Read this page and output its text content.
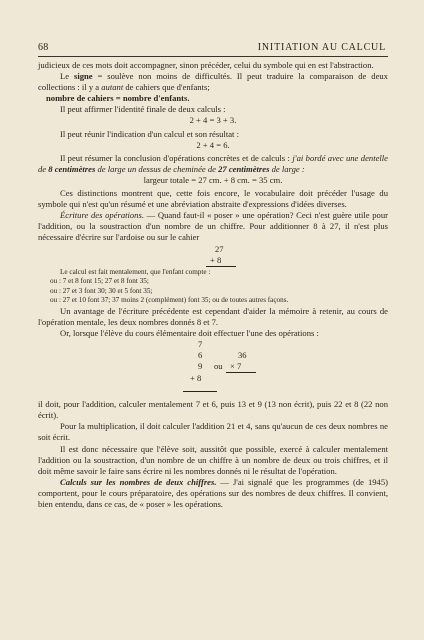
68	INITIATION AU CALCUL

judicieux de ces mots doit accompagner, sinon précéder, celui du symbole qui en est l'abstraction.

Le signe = soulève non moins de difficultés. Il peut traduire la comparaison de deux collections : il y a autant de cahiers que d'enfants;

nombre de cahiers = nombre d'enfants.

Il peut affirmer l'identité finale de deux calculs :

2 + 4 = 3 + 3.

Il peut réunir l'indication d'un calcul et son résultat :

2 + 4 = 6.

Il peut résumer la conclusion d'opérations concrètes et de calculs : j'ai bordé avec une dentelle de 8 centimètres de large un dessus de cheminée de 27 centimètres de large :

largeur totale = 27 cm. + 8 cm. = 35 cm.

Ces distinctions montrent que, cette fois encore, le vocabulaire doit précéder l'usage du symbole qui n'est qu'un résumé et une abréviation abstraite d'expressions d'idées diverses.

Écriture des opérations. — Quand faut-il « poser » une opération? Ceci n'est guère utile pour l'addition, ou la soustraction d'un nombre de un chiffre. Pour additionner 8 à 27, il n'est plus nécessaire d'écrire sur l'ardoise ou sur le cahier

27
+ 8

Le calcul est fait mentalement, que l'enfant compte :

ou : 7 et 8 font 15; 27 et 8 font 35;

ou : 27 et 3 font 30; 30 et 5 font 35;

ou : 27 et 10 font 37; 37 moins 2 (complément) font 35; ou de toutes autres façons.

Un avantage de l'écriture précédente est cependant d'aider la mémoire à retenir, au cours de l'opération mentale, les deux nombres donnés 8 et 7.

Or, lorsque l'élève du cours élémentaire doit effectuer l'une des opérations :

7
6
9
+ 8
ou
36
× 7

il doit, pour l'addition, calculer mentalement 7 et 6, puis 13 et 9 (13 non écrit), puis 22 et 8 (22 non écrit).

Pour la multiplication, il doit calculer l'addition 21 et 4, sans qu'aucun de ces deux nombres ne soit écrit.

Il est donc nécessaire que l'élève soit, aussitôt que possible, exercé à calculer mentalement l'addition ou la soustraction, d'un nombre de un chiffre à un nombre de deux ou trois chiffres, et il doit même savoir le faire sans écrire ni les nombres donnés ni le résultat de l'opération.

Calculs sur les nombres de deux chiffres. — J'ai signalé que les programmes (de 1945) comportent, pour le cours préparatoire, des opérations sur des nombres de deux chiffres. Il convient, bien entendu, dans ce cas, de « poser » les opérations.
